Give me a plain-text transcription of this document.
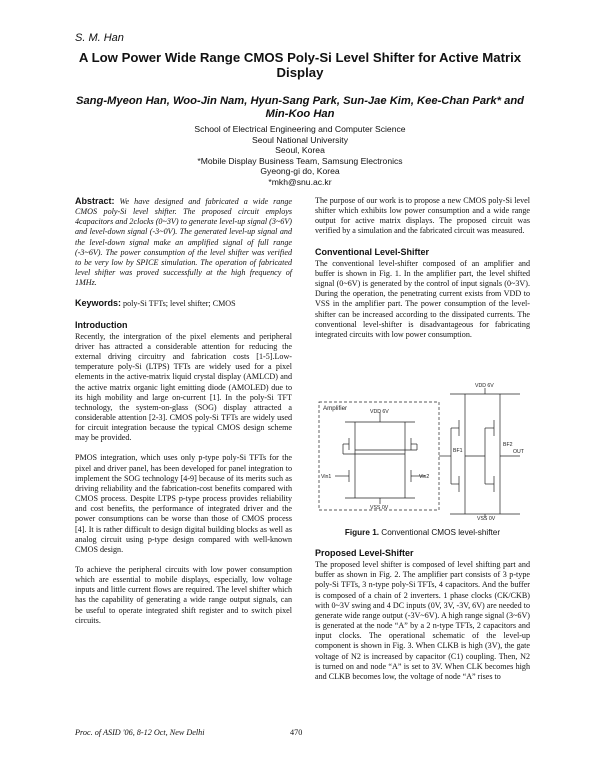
S. M. Han
A Low Power Wide Range CMOS Poly-Si Level Shifter for Active Matrix Display
Sang-Myeon Han, Woo-Jin Nam, Hyun-Sang Park, Sun-Jae Kim, Kee-Chan Park* and Min-Koo Han
School of Electrical Engineering and Computer Science
Seoul National University
Seoul, Korea
*Mobile Display Business Team, Samsung Electronics
Gyeong-gi do, Korea
*mkh@snu.ac.kr

Abstract: We have designed and fabricated a wide range CMOS poly-Si level shifter. The proposed circuit employs 4capacitors and 2clocks (0~3V) to generate level-up signal (3~6V) and level-down signal (-3~0V). The generated level-up signal and the level-down signal make an amplified signal of full range (-3~6V). The power consumption of the level shifter was verified to be very low by SPICE simulation. The operation of fabricated level shifter was proved successfully at the high frequency of 1MHz.

Keywords: poly-Si TFTs; level shifter; CMOS

Introduction

Recently, the intergration of the pixel elements and peripheral driver has attracted a considerable attention for reducing the external driving circuitry and fabrication costs [1-5].Low-temperature poly-Si (LTPS) TFTs are widely used for a pixel elements in the active-matrix liquid crystal display (AMLCD) and the active matrix organic light emitting diode (AMOLED) due to its high mobility and large on-current [1]. In the poly-Si TFT technology, the system-on-glass (SOG) display attracted a considerable attention [2-3]. CMOS poly-Si TFTs are widely used for circuit integration because the typical CMOS design scheme may be provided.

PMOS integration, which uses only p-type poly-Si TFTs for the pixel and driver panel, has been developed for panel integration to implement the SOG technology [4-9] because of its merits such as driving reliability and the fabrication-cost benefits compared with CMOS process. Despite LTPS p-type process provides reliability and cost benefits, the performance of integrated driver and the power consumptions can be worse than those of CMOS process [4]. It is rather difficult to design digital building blocks as well as analog circuit using p-type design compared with well-known CMOS design.

To achieve the peripheral circuits with low power consumption which are essential to mobile displays, especially, low voltage inputs and little current flows are required. The level shifter which has the capability of generating a wide range output signals, can be useful to operate integrated shift register and to switch pixel circuits.

The purpose of our work is to propose a new CMOS poly-Si level shifter which exhibits low power consumption and a wide range output for active matrix displays. The proposed circuit was verified by a simulation and the fabricated circuit was measured.

Conventional Level-Shifter

The conventional level-shifter composed of an amplifier and buffer is shown in Fig. 1. In the amplifier part, the level shifted signal (0~6V) is generated by the control of input signals (0~3V). During the operation, the penetrating current exists from VDD to VSS in the amplifier part. The power consumption of the level-shifter can be increased according to the dissipated currents. The conventional level-shifter is disadvantageous for fabricating integrated circuits with low power consumption.

Amplifier
VDD 6V
VDD 6V
VSS 0V
VSS 0V
Vin1	Vin2
BF1
BF2
OUT
Figure 1. Conventional CMOS level-shifter
Proposed Level-Shifter

The proposed level shifter is composed of level shifting part and buffer as shown in Fig. 2. The amplifier part consists of 3 p-type poly-Si TFTs, 3 n-type poly-Si TFTs, 4 capacitors. And the buffer is composed of a chain of 2 inverters. 1 phase clocks (CK/CKB) with 0~3V swing and 4 DC inputs (0V, 3V, -3V, 6V) are needed to generate wide range output (-3V~6V). A high range signal (3~6V) is generated at the node “A” by a 2 n-type TFTs, 2 capacitors and input clocks. The operational schematic of the level-up component is shown in Fig. 3. When CLKB is high (3V), the gate voltage of N2 is increased by capacitor (C1) coupling. Then, N2 is turned on and node “A” is set to 3V. When CLK becomes high and CLKB becomes low, the voltage of node “A” rises to

Proc. of ASID '06, 8-12 Oct, New Delhi	470
